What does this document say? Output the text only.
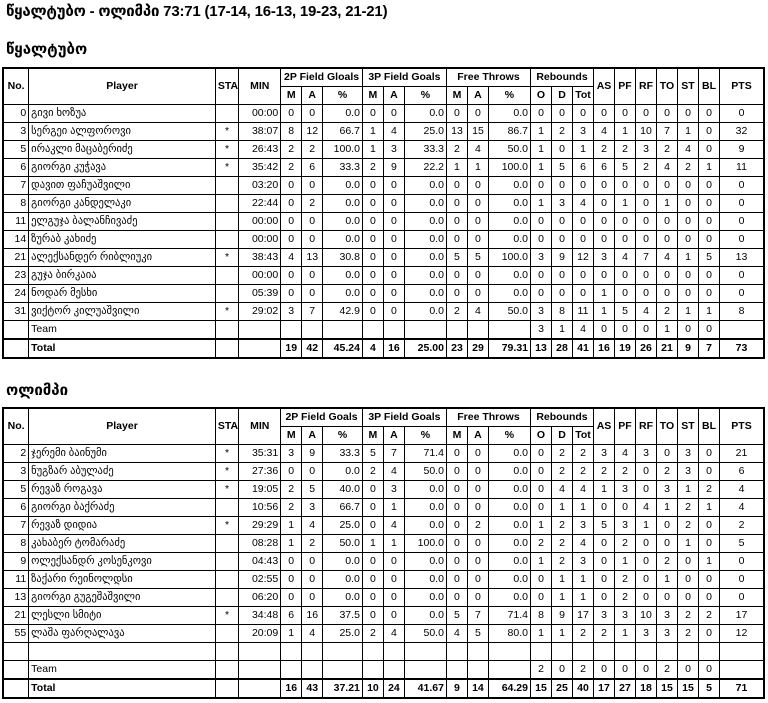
წყალტუბო - ოლიმპი 73:71 (17-14, 16-13, 19-23, 21-21)
წყალტუბო
No.	Player	STA	MIN	2P Field Gloals			3P Field Goals			Free Throws			Rebounds			AS	PF	RF	TO	ST	BL	PTS
				M	A	%	M	A	%	M	A	%	O	D	Tot							
0	გივი ხოზუა		00:00	0	0	0.0	0	0	0.0	0	0	0.0	0	0	0	0	0	0	0	0	0	0
3	სერგეი ალფოროვი	*	38:07	8	12	66.7	1	4	25.0	13	15	86.7	1	2	3	4	1	10	7	1	0	32
5	ირაკლი მაცაბერიძე	*	26:43	2	2	100.0	1	3	33.3	2	4	50.0	1	0	1	2	2	3	2	4	0	9
6	გიორგი კუჭავა	*	35:42	2	6	33.3	2	9	22.2	1	1	100.0	1	5	6	6	5	2	4	2	1	11
7	დავით ფაჩუაშვილი		03:20	0	0	0.0	0	0	0.0	0	0	0.0	0	0	0	0	0	0	0	0	0	0
8	გიორგი კანდელაკი		22:44	0	2	0.0	0	0	0.0	0	0	0.0	1	3	4	0	1	0	1	0	0	0
11	ელგუჯა ბალანჩივაძე		00:00	0	0	0.0	0	0	0.0	0	0	0.0	0	0	0	0	0	0	0	0	0	0
14	ზურაბ კახიძე		00:00	0	0	0.0	0	0	0.0	0	0	0.0	0	0	0	0	0	0	0	0	0	0
21	ალექსანდერ რიბლიუკი	*	38:43	4	13	30.8	0	0	0.0	5	5	100.0	3	9	12	3	4	7	4	1	5	13
23	გუჯა ბირკაია		00:00	0	0	0.0	0	0	0.0	0	0	0.0	0	0	0	0	0	0	0	0	0	0
24	ნოდარ მესხი		05:39	0	0	0.0	0	0	0.0	0	0	0.0	0	0	0	1	0	0	0	0	0	0
31	ვიქტორ კილუაშვილი	*	29:02	3	7	42.9	0	0	0.0	2	4	50.0	3	8	11	1	5	4	2	1	1	8
	Team												3	1	4	0	0	0	1	0	0	
	Total			19	42	45.24	4	16	25.00	23	29	79.31	13	28	41	16	19	26	21	9	7	73
ოლიმპი
No.	Player	STA	MIN	2P Field Goals			3P Field Goals			Free Throws			Rebounds			AS	PF	RF	TO	ST	BL	PTS
				M	A	%	M	A	%	M	A	%	O	D	Tot							
2	ჯერემი ბაინუმი	*	35:31	3	9	33.3	5	7	71.4	0	0	0.0	0	2	2	3	4	3	0	3	0	21
3	ნუგზარ აბულაძე	*	27:36	0	0	0.0	2	4	50.0	0	0	0.0	0	2	2	2	2	0	2	3	0	6
5	რევაზ როგავა	*	19:05	2	5	40.0	0	3	0.0	0	0	0.0	0	4	4	1	3	0	3	1	2	4
6	გიორგი ბაქრაძე		10:56	2	3	66.7	0	1	0.0	0	0	0.0	0	1	1	0	0	4	1	2	1	4
7	რევაზ დიდია	*	29:29	1	4	25.0	0	4	0.0	0	2	0.0	1	2	3	5	3	1	0	2	0	2
8	კახაბერ ტომარაძე		08:28	1	2	50.0	1	1	100.0	0	0	0.0	2	2	4	0	2	0	0	1	0	5
9	ოლექსანდრ კოსენკოვი		04:43	0	0	0.0	0	0	0.0	0	0	0.0	1	2	3	0	1	0	2	0	1	0
11	ზაქარი რეინოლდსი		02:55	0	0	0.0	0	0	0.0	0	0	0.0	0	1	1	0	2	0	1	0	0	0
13	გიორგი გუგეშაშვილი		06:20	0	0	0.0	0	0	0.0	0	0	0.0	0	1	1	0	2	0	0	0	0	0
21	ლესლი სმიტი	*	34:48	6	16	37.5	0	0	0.0	5	7	71.4	8	9	17	3	3	10	3	2	2	17
55	ლაშა ფარღალავა		20:09	1	4	25.0	2	4	50.0	4	5	80.0	1	1	2	2	1	3	3	2	0	12

	Team												2	0	2	0	0	0	2	0	0	
	Total			16	43	37.21	10	24	41.67	9	14	64.29	15	25	40	17	27	18	15	15	5	71
